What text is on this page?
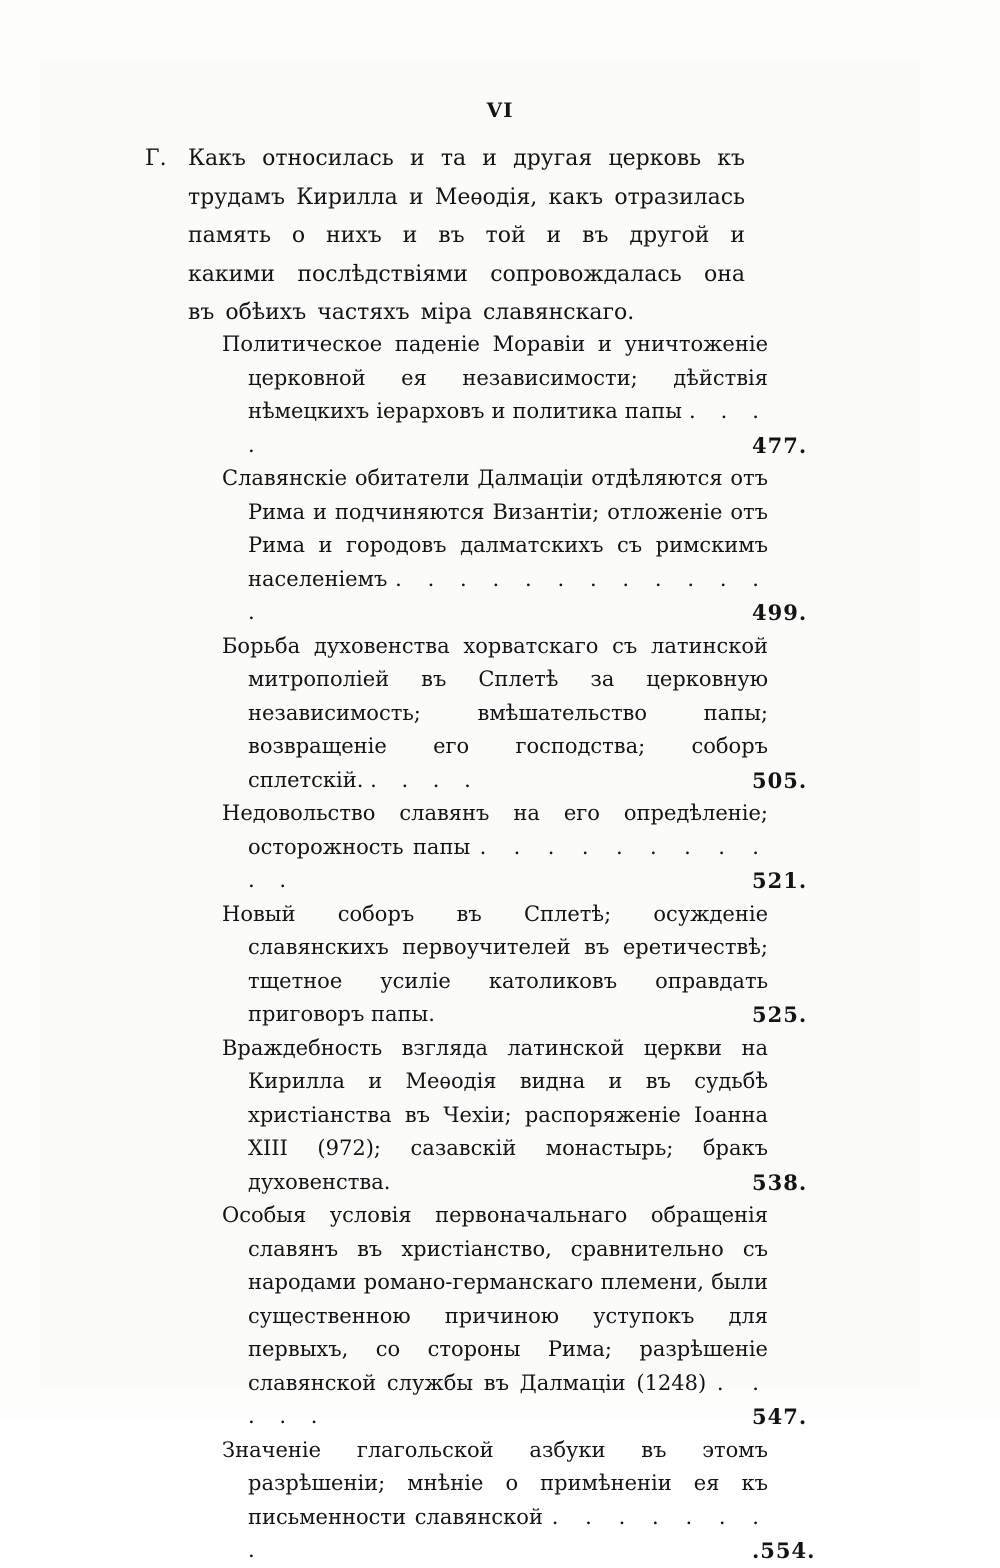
VI
Г. Какъ относилась и та и другая церковь къ трудамъ Кирилла и Меѳодія, какъ отразилась память о нихъ и въ той и въ другой и какими послѣдствіями сопровождалась она въ обѣихъ частяхъ міра славянскаго.
Политическое паденіе Моравіи и уничтоженіе церковной ея независимости; дѣйствія нѣмецкихъ іерарховъ и политика папы . . . .	477.
Славянскіе обитатели Далмаціи отдѣляются отъ Рима и подчиняются Византіи; отложеніе отъ Рима и городовъ далматскихъ съ римскимъ населеніемъ . . . . . . . . . . . . .	499.
Борьба духовенства хорватскаго съ латинской митрополіей въ Сплетѣ за церковную независимость; вмѣшательство папы; возвращеніе его господства; соборъ сплетскій. . . . .	505.
Недовольство славянъ на его опредѣленіе; осторожность папы . . . . . . . . . . .	521.
Новый соборъ въ Сплетѣ; осужденіе славянскихъ первоучителей въ еретичествѣ; тщетное усиліе католиковъ оправдать приговоръ папы.	525.
Враждебность взгляда латинской церкви на Кирилла и Меѳодія видна и въ судьбѣ христіанства въ Чехіи; распоряженіе Іоанна XIII (972); сазавскій монастырь; бракъ духовенства.	538.
Особыя условія первоначальнаго обращенія славянъ въ христіанство, сравнительно съ народами романо-германскаго племени, были существенною причиною уступокъ для первыхъ, со стороны Рима; разрѣшеніе славянской службы въ Далмаціи (1248) . . . . .	547.
Значеніе глагольской азбуки въ этомъ разрѣшеніи; мнѣніе о примѣненіи ея къ письменности славянской . . . . . . . .	.554.
